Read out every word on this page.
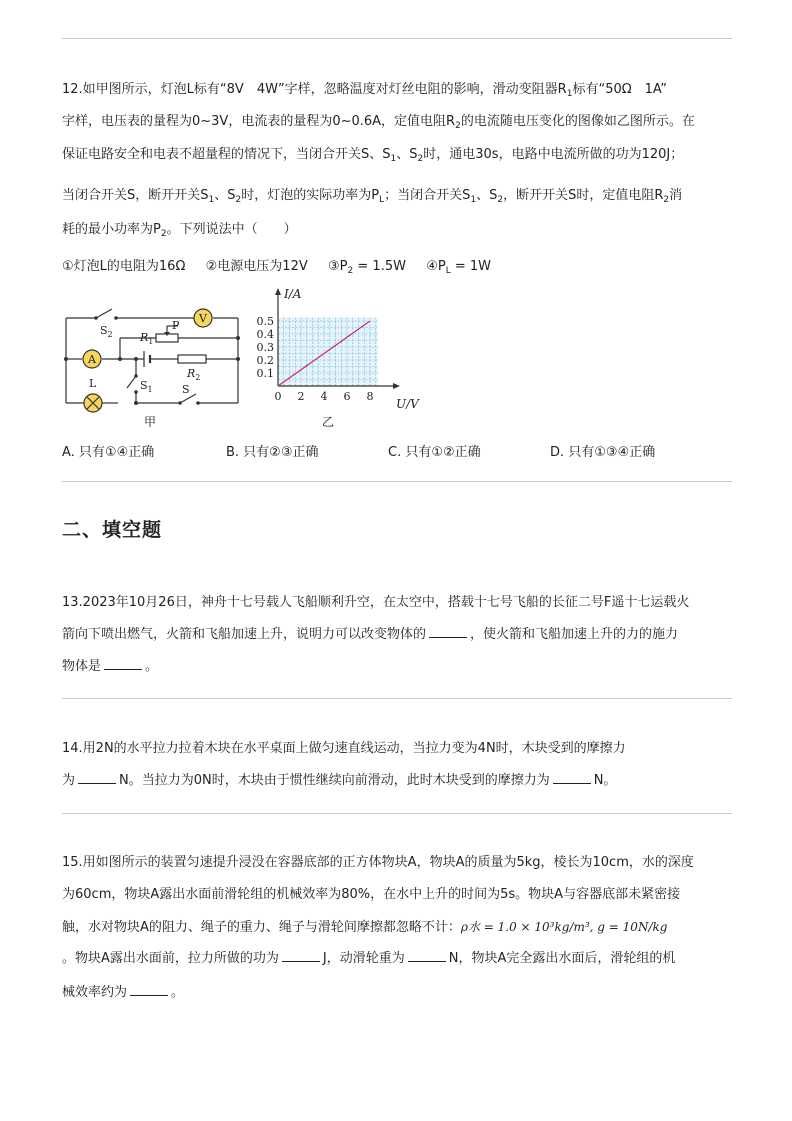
12.如甲图所示，灯泡L标有“8V　4W”字样，忽略温度对灯丝电阻的影响，滑动变阻器$R_1$标有“50Ω　1A”
字样，电压表的量程为0~3V，电流表的量程为0~0.6A，定值电阻$R_2$的电流随电压变化的图像如乙图所示。在
保证电路安全和电表不超量程的情况下，当闭合开关S、$S_1$、$S_2$时，通电30s，电路中电流所做的功为120J；
当闭合开关S，断开开关$S_1$、$S_2$时，灯泡的实际功率为$P_L$；当闭合开关$S_1$、$S_2$，断开开关S时，定值电阻$R_2$消
耗的最小功率为$P_2$。下列说法中（　　）
①灯泡L的电阻为16Ω ②电源电压为12V $③P_2 = 1.5W$ $④P_L = 1W$
V
A
$S_2$
P
$R_1$
$R_2$
L	$S_1$	S
甲
I/A
U/V
乙
0 2 4 6 8
0.1
0.2
0.3
0.4
0.5
A. 只有①④正确	B. 只有②③正确	C. 只有①②正确	D. 只有①③④正确
二、填空题
13.2023年10月26日，神舟十七号载人飞船顺利升空，在太空中，搭载十七号飞船的长征二号F遥十七运载火
箭向下喷出燃气，火箭和飞船加速上升，说明力可以改变物体的	，使火箭和飞船加速上升的力的施力
物体是	。
14.用2N的水平拉力拉着木块在水平桌面上做匀速直线运动，当拉力变为4N时，木块受到的摩擦力
为	N。当拉力为0N时，木块由于惯性继续向前滑动，此时木块受到的摩擦力为	N。
15.用如图所示的装置匀速提升浸没在容器底部的正方体物块A，物块A的质量为5kg，棱长为10cm，水的深度
为60cm，物块A露出水面前滑轮组的机械效率为80%，在水中上升的时间为5s。物块A与容器底部未紧密接
触，水对物块A的阻力、绳子的重力、绳子与滑轮间摩擦都忽略不计：ρ水 = 1.0 × 10³kg/m³, g = 10N/kg
。物块A露出水面前，拉力所做的功为	J，动滑轮重为	N，物块A完全露出水面后，滑轮组的机
械效率约为	。
